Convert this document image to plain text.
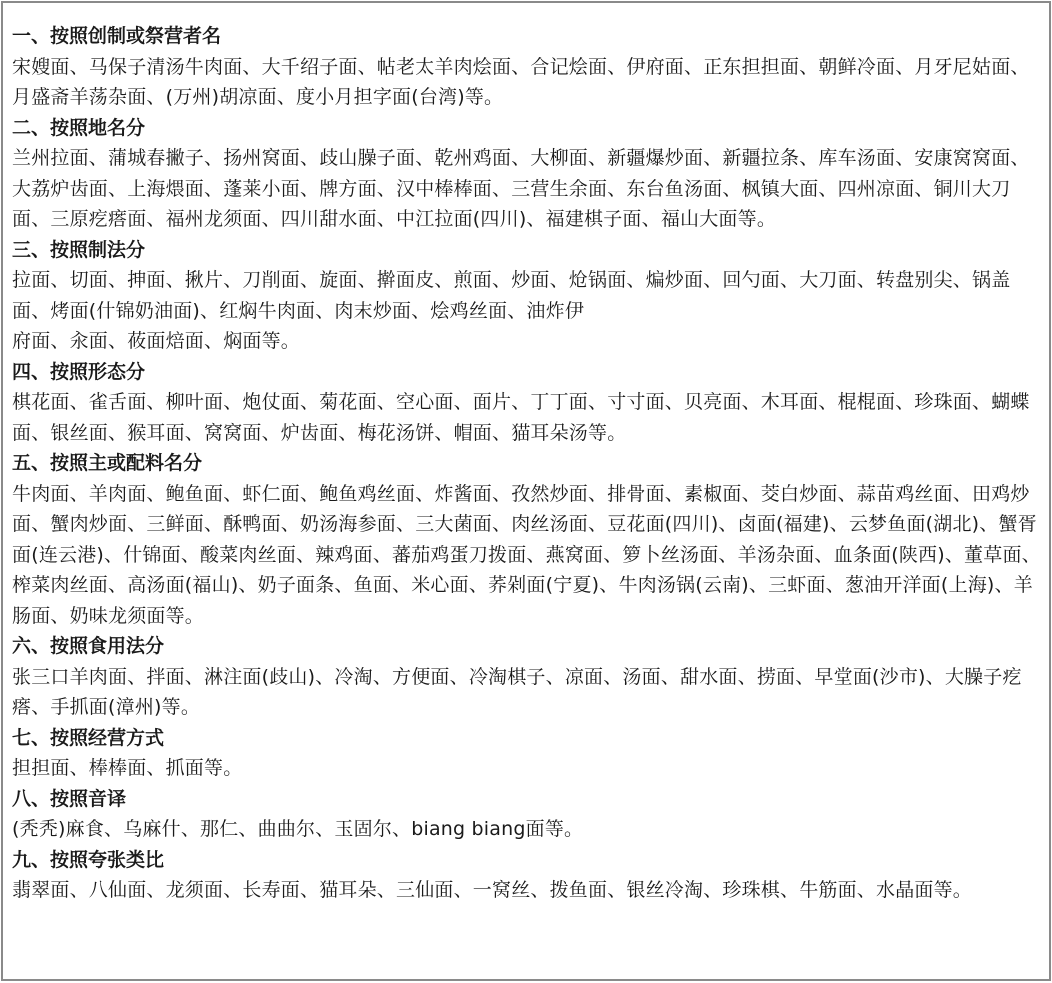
一、按照创制或祭营者名
宋嫂面、马保子清汤牛肉面、大千绍子面、帖老太羊肉烩面、合记烩面、伊府面、正东担担面、朝鲜冷面、月牙尼姑面、月盛斋羊荡杂面、(万州)胡凉面、度小月担字面(台湾)等。
二、按照地名分
兰州拉面、蒲城春撇子、扬州窝面、歧山臊子面、乾州鸡面、大柳面、新疆爆炒面、新疆拉条、库车汤面、安康窝窝面、大荔炉齿面、上海煨面、蓬莱小面、牌方面、汉中棒棒面、三营生余面、东台鱼汤面、枫镇大面、四州凉面、铜川大刀面、三原疙瘩面、福州龙须面、四川甜水面、中江拉面(四川)、福建棋子面、福山大面等。
三、按照制法分
拉面、切面、抻面、揪片、刀削面、旋面、擀面皮、煎面、炒面、炝锅面、煸炒面、回勺面、大刀面、转盘别尖、锅盖面、烤面(什锦奶油面)、红焖牛肉面、肉末炒面、烩鸡丝面、油炸伊
府面、汆面、莜面焙面、焖面等。
四、按照形态分
棋花面、雀舌面、柳叶面、炮仗面、菊花面、空心面、面片、丁丁面、寸寸面、贝亮面、木耳面、棍棍面、珍珠面、蝴蝶面、银丝面、猴耳面、窝窝面、炉齿面、梅花汤饼、帽面、猫耳朵汤等。
五、按照主或配料名分
牛肉面、羊肉面、鲍鱼面、虾仁面、鲍鱼鸡丝面、炸酱面、孜然炒面、排骨面、素椒面、茭白炒面、蒜苗鸡丝面、田鸡炒面、蟹肉炒面、三鲜面、酥鸭面、奶汤海参面、三大菌面、肉丝汤面、豆花面(四川)、卤面(福建)、云梦鱼面(湖北)、蟹胥面(连云港)、什锦面、酸菜肉丝面、辣鸡面、蕃茄鸡蛋刀拨面、燕窝面、箩卜丝汤面、羊汤杂面、血条面(陕西)、董草面、榨菜肉丝面、高汤面(福山)、奶子面条、鱼面、米心面、荞剁面(宁夏)、牛肉汤锅(云南)、三虾面、葱油开洋面(上海)、羊肠面、奶味龙须面等。
六、按照食用法分
张三口羊肉面、拌面、淋注面(歧山)、冷淘、方便面、冷淘棋子、凉面、汤面、甜水面、捞面、早堂面(沙市)、大臊子疙瘩、手抓面(漳州)等。
七、按照经营方式
担担面、棒棒面、抓面等。
八、按照音译
(秃秃)麻食、乌麻什、那仁、曲曲尔、玉固尔、biang biang面等。
九、按照夸张类比
翡翠面、八仙面、龙须面、长寿面、猫耳朵、三仙面、一窝丝、拨鱼面、银丝冷淘、珍珠棋、牛筋面、水晶面等。
